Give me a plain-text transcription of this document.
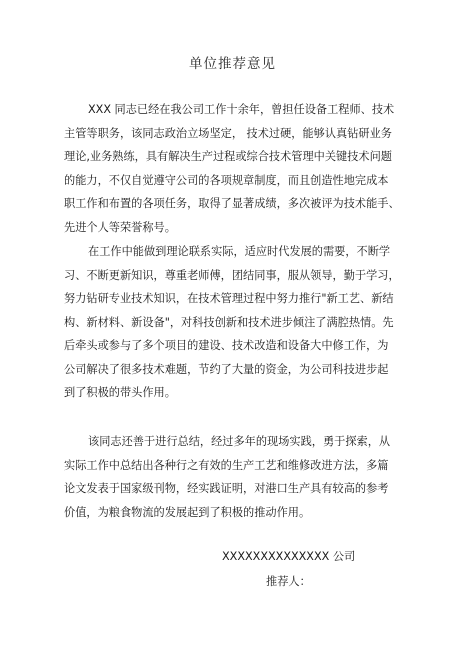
单位推荐意见
XXX 同志已经在我公司工作十余年，曾担任设备工程师、技术
主管等职务，该同志政治立场坚定， 技术过硬，能够认真钻研业务
理论,业务熟练，具有解决生产过程或综合技术管理中关键技术问题
的能力，不仅自觉遵守公司的各项规章制度，而且创造性地完成本
职工作和布置的各项任务，取得了显著成绩，多次被评为技术能手、
先进个人等荣誉称号。
在工作中能做到理论联系实际，适应时代发展的需要，不断学
习、不断更新知识，尊重老师傅，团结同事，服从领导，勤于学习，
努力钻研专业技术知识，在技术管理过程中努力推行"新工艺、新结
构、新材料、新设备"，对科技创新和技术进步倾注了满腔热情。先
后牵头或参与了多个项目的建设、技术改造和设备大中修工作，为
公司解决了很多技术难题，节约了大量的资金，为公司科技进步起
到了积极的带头作用。
该同志还善于进行总结，经过多年的现场实践，勇于探索，从
实际工作中总结出各种行之有效的生产工艺和维修改进方法，多篇
论文发表于国家级刊物，经实践证明，对港口生产具有较高的参考
价值，为粮食物流的发展起到了积极的推动作用。
XXXXXXXXXXXXXX 公司
推荐人：
